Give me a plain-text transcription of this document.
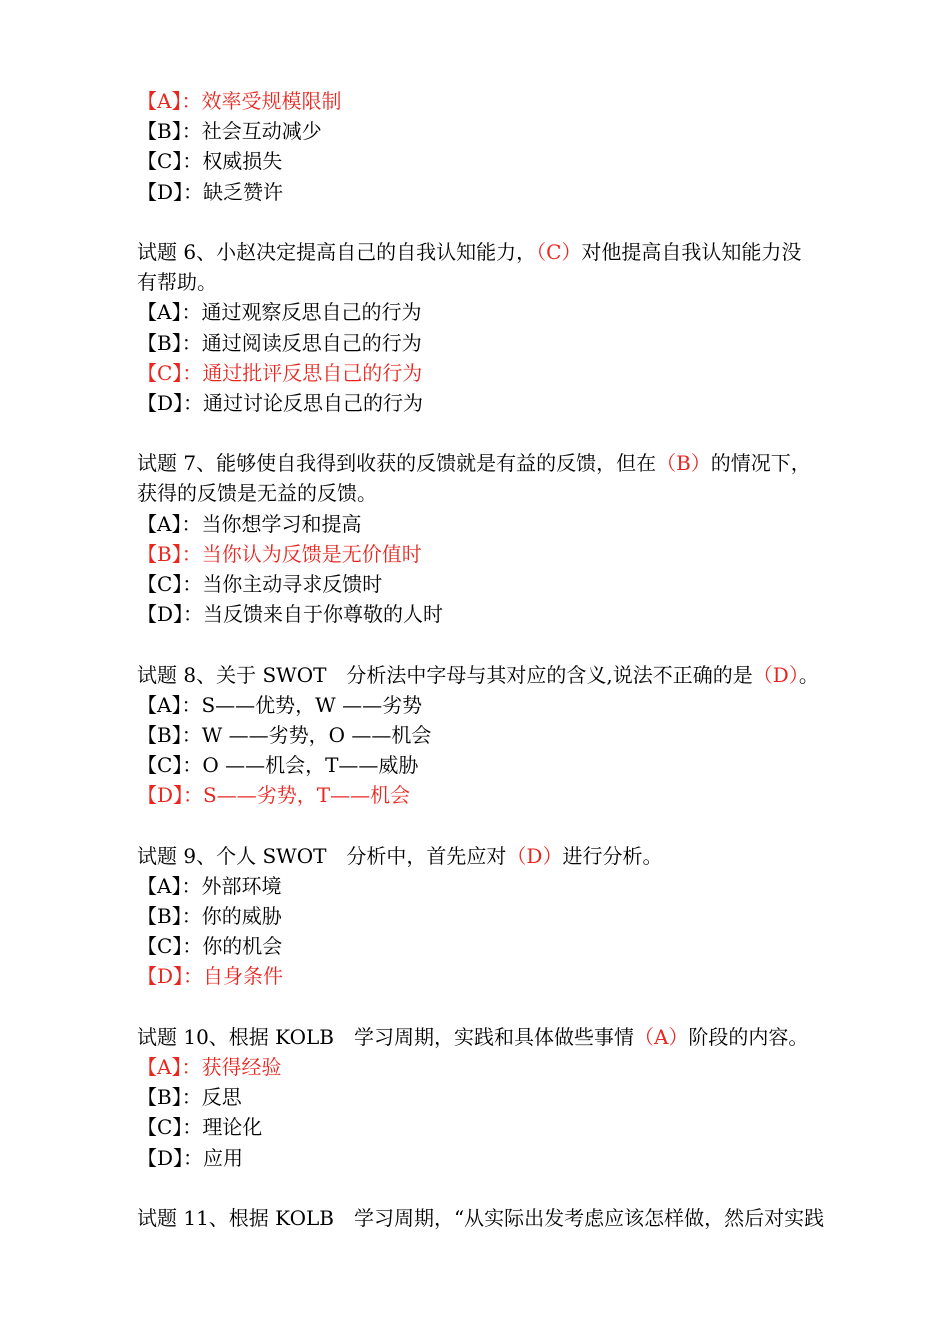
【A】：效率受规模限制
【B】：社会互动减少
【C】：权威损失
【D】：缺乏赞许
试题 6、小赵决定提高自己的自我认知能力，（C）对他提高自我认知能力没
有帮助。
【A】：通过观察反思自己的行为
【B】：通过阅读反思自己的行为
【C】：通过批评反思自己的行为
【D】：通过讨论反思自己的行为
试题 7、能够使自我得到收获的反馈就是有益的反馈，但在（B）的情况下，
获得的反馈是无益的反馈。
【A】：当你想学习和提高
【B】：当你认为反馈是无价值时
【C】：当你主动寻求反馈时
【D】：当反馈来自于你尊敬的人时
试题 8、关于 SWOT　分析法中字母与其对应的含义,说法不正确的是（D）。
【A】：S——优势，W ——劣势
【B】：W ——劣势，O ——机会
【C】：O ——机会，T——威胁
【D】：S——劣势，T——机会
试题 9、个人 SWOT　分析中，首先应对（D）进行分析。
【A】：外部环境
【B】：你的威胁
【C】：你的机会
【D】：自身条件
试题 10、根据 KOLB　学习周期，实践和具体做些事情（A）阶段的内容。
【A】：获得经验
【B】：反思
【C】：理论化
【D】：应用
试题 11、根据 KOLB　学习周期，“从实际出发考虑应该怎样做，然后对实践
